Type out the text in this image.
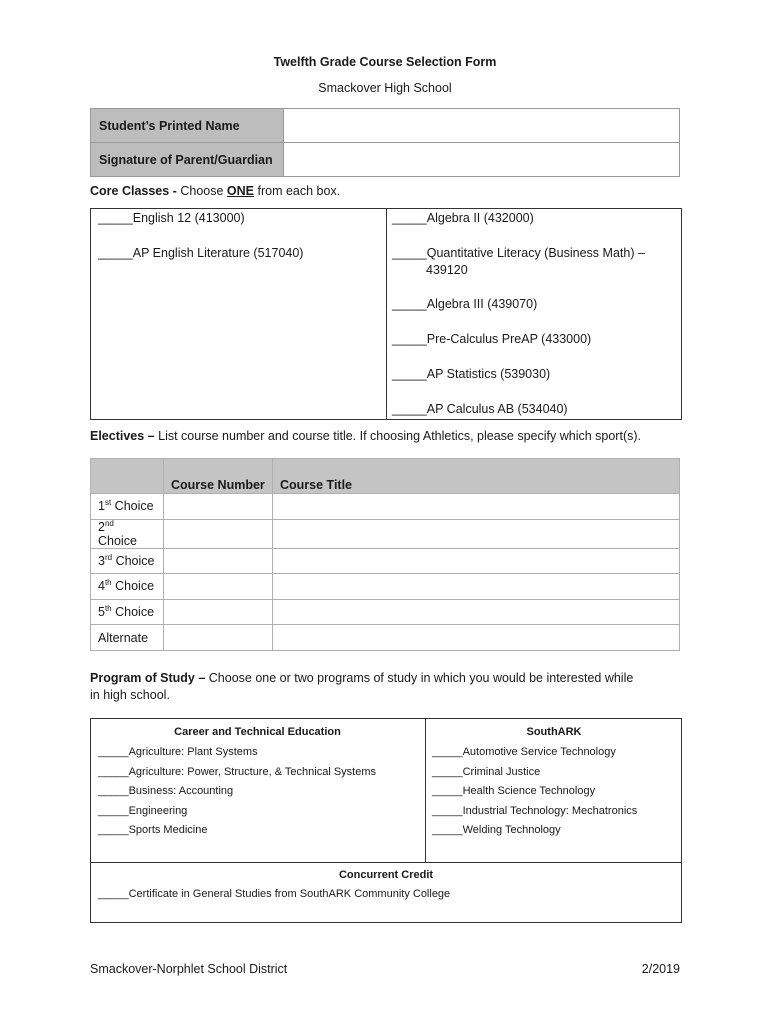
Twelfth Grade Course Selection Form
Smackover High School
Student’s Printed Name	
Signature of Parent/Guardian	
Core Classes - Choose ONE from each box.
_____English 12 (413000)
_____AP English Literature (517040)
_____Algebra II (432000)
_____Quantitative Literacy (Business Math) –
439120
_____Algebra III (439070)
_____Pre-Calculus PreAP (433000)
_____AP Statistics (539030)
_____AP Calculus AB (534040)
Electives – List course number and course title. If choosing Athletics, please specify which sport(s).
	Course Number	Course Title
1st Choice		
2nd Choice		
3rd Choice		
4th Choice		
5th Choice		
Alternate		
Program of Study – Choose one or two programs of study in which you would be interested while
in high school.
Career and Technical Education
_____Agriculture: Plant Systems
_____Agriculture: Power, Structure, & Technical Systems
_____Business: Accounting
_____Engineering
_____Sports Medicine
SouthARK
_____Automotive Service Technology
_____Criminal Justice
_____Health Science Technology
_____Industrial Technology: Mechatronics
_____Welding Technology
Concurrent Credit
_____Certificate in General Studies from SouthARK Community College
Smackover-Norphlet School District	2/2019
